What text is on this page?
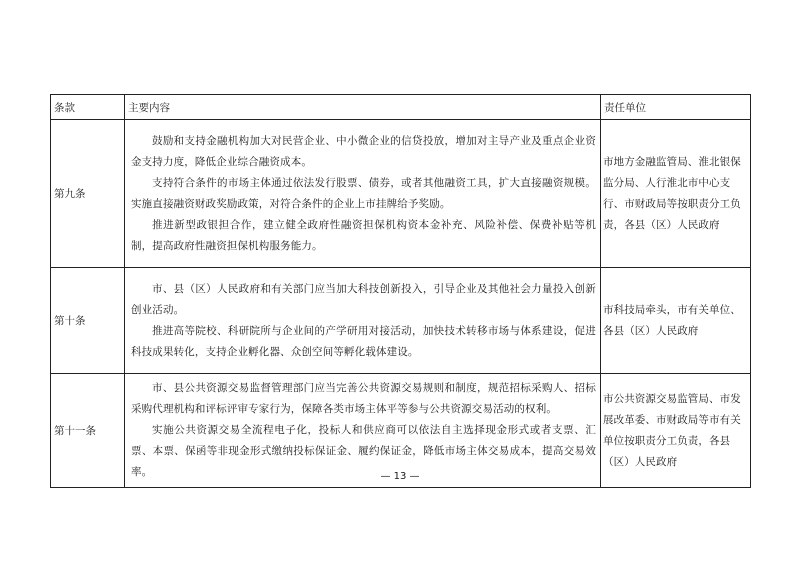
条款	主要内容	责任单位
第九条	鼓励和支持金融机构加大对民营企业、中小微企业的信贷投放，增加对主导产业及重点企业资金支持力度，降低企业综合融资成本。

支持符合条件的市场主体通过依法发行股票、债券，或者其他融资工具，扩大直接融资规模。实施直接融资财政奖励政策，对符合条件的企业上市挂牌给予奖励。

推进新型政银担合作，建立健全政府性融资担保机构资本金补充、风险补偿、保费补贴等机制，提高政府性融资担保机构服务能力。	市地方金融监管局、淮北银保监分局、人行淮北市中心支行、市财政局等按职责分工负责，各县（区）人民政府
第十条	市、县（区）人民政府和有关部门应当加大科技创新投入，引导企业及其他社会力量投入创新创业活动。

推进高等院校、科研院所与企业间的产学研用对接活动，加快技术转移市场与体系建设，促进科技成果转化，支持企业孵化器、众创空间等孵化载体建设。	市科技局牵头，市有关单位、各县（区）人民政府
第十一条	市、县公共资源交易监督管理部门应当完善公共资源交易规则和制度，规范招标采购人、招标采购代理机构和评标评审专家行为，保障各类市场主体平等参与公共资源交易活动的权利。

实施公共资源交易全流程电子化，投标人和供应商可以依法自主选择现金形式或者支票、汇票、本票、保函等非现金形式缴纳投标保证金、履约保证金，降低市场主体交易成本，提高交易效率。	市公共资源交易监管局、市发展改革委、市财政局等市有关单位按职责分工负责，各县（区）人民政府
— 13 —
